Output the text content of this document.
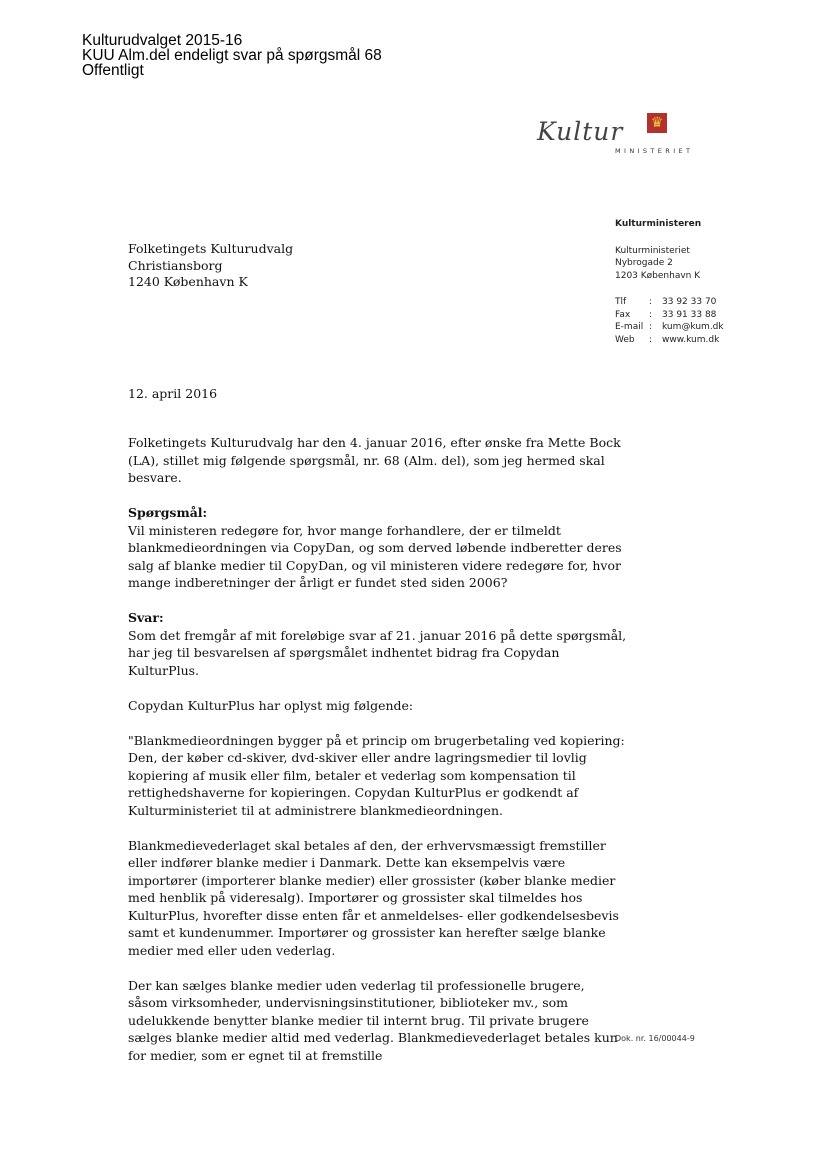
Kulturudvalget 2015-16
KUU Alm.del endeligt svar på spørgsmål 68
Offentligt
Kultur ♛
MINISTERIET
Kulturministeren
Kulturministeriet
Nybrogade 2
1203 København K
Tlf	:	33 92 33 70
Fax	:	33 91 33 88
E-mail :	kum@kum.dk
Web	:	www.kum.dk
Folketingets Kulturudvalg
Christiansborg
1240 København K
12. april 2016

Folketingets Kulturudvalg har den 4. januar 2016, efter ønske fra Mette Bock (LA), stillet mig følgende spørgsmål, nr. 68 (Alm. del), som jeg hermed skal besvare.

Spørgsmål:

Vil ministeren redegøre for, hvor mange forhandlere, der er tilmeldt blankmedieordningen via CopyDan, og som derved løbende indberetter deres salg af blanke medier til CopyDan, og vil ministeren videre redegøre for, hvor mange indberetninger der årligt er fundet sted siden 2006?

Svar:

Som det fremgår af mit foreløbige svar af 21. januar 2016 på dette spørgsmål, har jeg til besvarelsen af spørgsmålet indhentet bidrag fra Copydan KulturPlus.

Copydan KulturPlus har oplyst mig følgende:

"Blankmedieordningen bygger på et princip om brugerbetaling ved kopiering: Den, der køber cd-skiver, dvd-skiver eller andre lagringsmedier til lovlig kopiering af musik eller film, betaler et vederlag som kompensation til rettighedshaverne for kopieringen. Copydan KulturPlus er godkendt af Kulturministeriet til at administrere blankmedieordningen.

Blankmedievederlaget skal betales af den, der erhvervsmæssigt fremstiller eller indfører blanke medier i Danmark. Dette kan eksempelvis være importører (importerer blanke medier) eller grossister (køber blanke medier med henblik på videresalg). Importører og grossister skal tilmeldes hos KulturPlus, hvorefter disse enten får et anmeldelses- eller godkendelsesbevis samt et kundenummer. Importører og grossister kan herefter sælge blanke medier med eller uden vederlag.

Der kan sælges blanke medier uden vederlag til professionelle brugere, såsom virksomheder, undervisningsinstitutioner, biblioteker mv., som udelukkende benytter blanke medier til internt brug. Til private brugere sælges blanke medier altid med vederlag. Blankmedievederlaget betales kun for medier, som er egnet til at fremstille

Dok. nr. 16/00044-9
